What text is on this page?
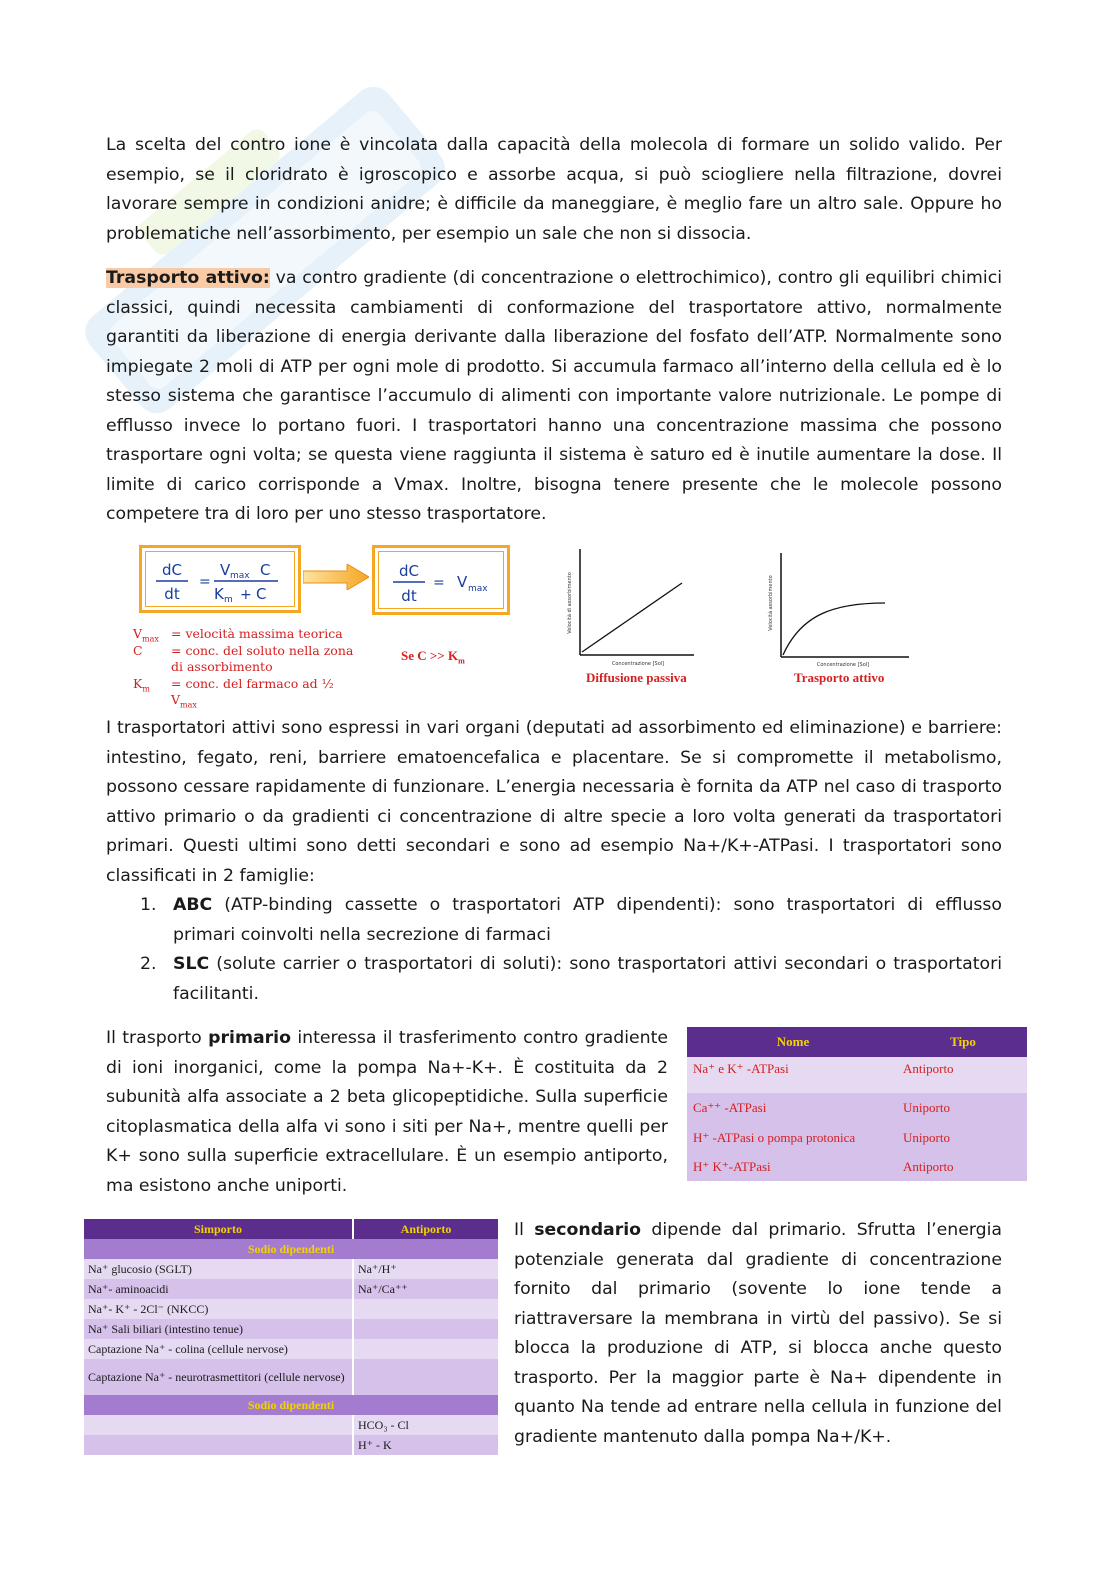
La scelta del contro ione è vincolata dalla capacità della molecola di formare un solido valido. Per esempio, se il cloridrato è igroscopico e assorbe acqua, si può sciogliere nella filtrazione, dovrei lavorare sempre in condizioni anidre; è difficile da maneggiare, è meglio fare un altro sale. Oppure ho problematiche nell’assorbimento, per esempio un sale che non si dissocia.

Trasporto attivo: va contro gradiente (di concentrazione o elettrochimico), contro gli equilibri chimici classici, quindi necessita cambiamenti di conformazione del trasportatore attivo, normalmente garantiti da liberazione di energia derivante dalla liberazione del fosfato dell’ATP. Normalmente sono impiegate 2 moli di ATP per ogni mole di prodotto. Si accumula farmaco all’interno della cellula ed è lo stesso sistema che garantisce l’accumulo di alimenti con importante valore nutrizionale. Le pompe di efflusso invece lo portano fuori. I trasportatori hanno una concentrazione massima che possono trasportare ogni volta; se questa viene raggiunta il sistema è saturo ed è inutile aumentare la dose. Il limite di carico corrisponde a Vmax. Inoltre, bisogna tenere presente che le molecole possono competere tra di loro per uno stesso trasportatore.

dC
dt
=
V max C
K m + C
dC
dt
= V max
$V_{max}$ = velocità massima teorica
C = conc. del soluto nella zona di assorbimento
$K_m$ = conc. del farmaco ad ½ $V_{max}$
Se $C >> K_m$
Velocità di assorbimento
Concentrazione [Sol]
Diffusione passiva
Velocità assorbimento
Concentrazione [Sol]
Trasporto attivo

I trasportatori attivi sono espressi in vari organi (deputati ad assorbimento ed eliminazione) e barriere: intestino, fegato, reni, barriere ematoencefalica e placentare. Se si compromette il metabolismo, possono cessare rapidamente di funzionare. L’energia necessaria è fornita da ATP nel caso di trasporto attivo primario o da gradienti ci concentrazione di altre specie a loro volta generati da trasportatori primari. Questi ultimi sono detti secondari e sono ad esempio Na+/K+-ATPasi. I trasportatori sono classificati in 2 famiglie:

1. ABC (ATP-binding cassette o trasportatori ATP dipendenti): sono trasportatori di efflusso primari coinvolti nella secrezione di farmaci
2. SLC (solute carrier o trasportatori di soluti): sono trasportatori attivi secondari o trasportatori facilitanti.

Il trasporto primario interessa il trasferimento contro gradiente di ioni inorganici, come la pompa Na+-K+. È costituita da 2 subunità alfa associate a 2 beta glicopeptidiche. Sulla superficie citoplasmatica della alfa vi sono i siti per Na+, mentre quelli per K+ sono sulla superficie extracellulare. È un esempio antiporto, ma esistono anche uniporti.

Nome	Tipo
Na⁺ e K⁺ -ATPasi	Antiporto
Ca⁺⁺ -ATPasi	Uniporto
H⁺ -ATPasi o pompa protonica	Uniporto
H⁺ K⁺-ATPasi	Antiporto
Simporto	Antiporto
Sodio dipendenti	
Na⁺ glucosio (SGLT)	Na⁺/H⁺
Na⁺- aminoacidi	Na⁺/Ca⁺⁺
Na⁺- K⁺ - 2Cl⁻ (NKCC)	
Na⁺ Sali biliari (intestino tenue)	
Captazione Na⁺ - colina (cellule nervose)	
Captazione Na⁺ - neurotrasmettitori (cellule nervose)	
Sodio dipendenti	
	HCO₃ - Cl
	H⁺ - K

Il secondario dipende dal primario. Sfrutta l’energia potenziale generata dal gradiente di concentrazione fornito dal primario (sovente lo ione tende a riattraversare la membrana in virtù del passivo). Se si blocca la produzione di ATP, si blocca anche questo trasporto. Per la maggior parte è Na+ dipendente in quanto Na tende ad entrare nella cellula in funzione del gradiente mantenuto dalla pompa Na+/K+.
